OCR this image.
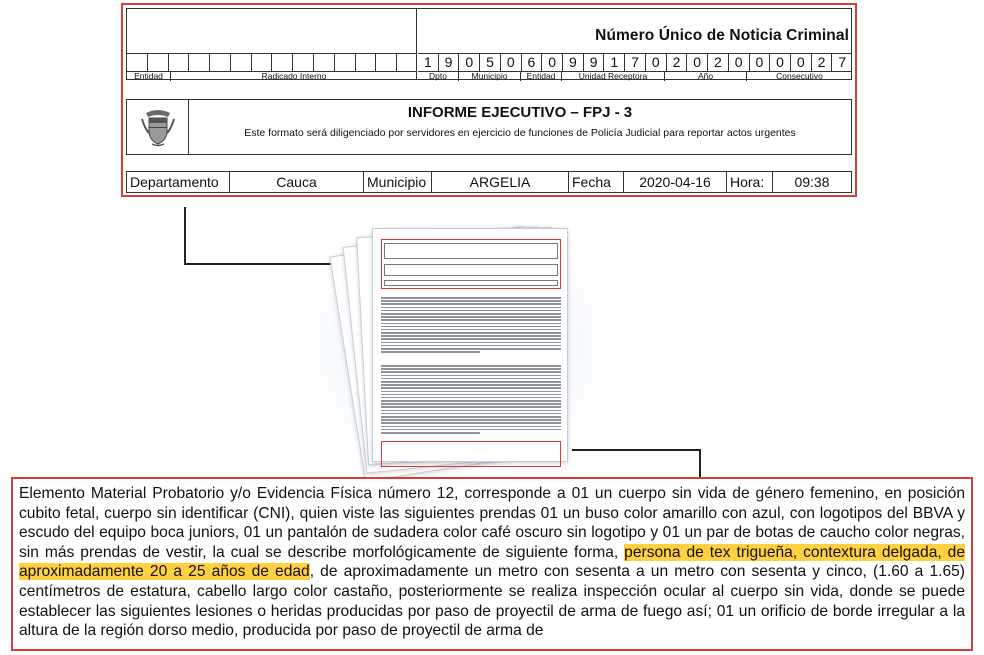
Número Único de Noticia Criminal
1 9 0 5 0 6 0 9 9 1 7 0 2 0 2 0 0 0 0 2 7
Entidad	Radicado Interno	Dpto	Municipio	Entidad	Unidad Receptora	Año	Consecutivo
INFORME EJECUTIVO – FPJ - 3
Este formato será diligenciado por servidores en ejercicio de funciones de Policía Judicial para reportar actos urgentes
Departamento	Cauca	Municipio	ARGELIA	Fecha	2020-04-16	Hora:	09:38

Elemento Material Probatorio y/o Evidencia Física número 12, corresponde a 01 un cuerpo sin vida de género femenino, en posición cubito fetal, cuerpo sin identificar (CNI), quien viste las siguientes prendas 01 un buso color amarillo con azul, con logotipos del BBVA y escudo del equipo boca juniors, 01 un pantalón de sudadera color café oscuro sin logotipo y 01 un par de botas de caucho color negras, sin más prendas de vestir, la cual se describe morfológicamente de siguiente forma, persona de tex trigueña, contextura delgada, de aproximadamente 20 a 25 años de edad, de aproximadamente un metro con sesenta a un metro con sesenta y cinco, (1.60 a 1.65) centímetros de estatura, cabello largo color castaño, posteriormente se realiza inspección ocular al cuerpo sin vida, donde se puede establecer las siguientes lesiones o heridas producidas por paso de proyectil de arma de fuego así; 01 un orificio de borde irregular a la altura de la región dorso medio, producida por paso de proyectil de arma de
